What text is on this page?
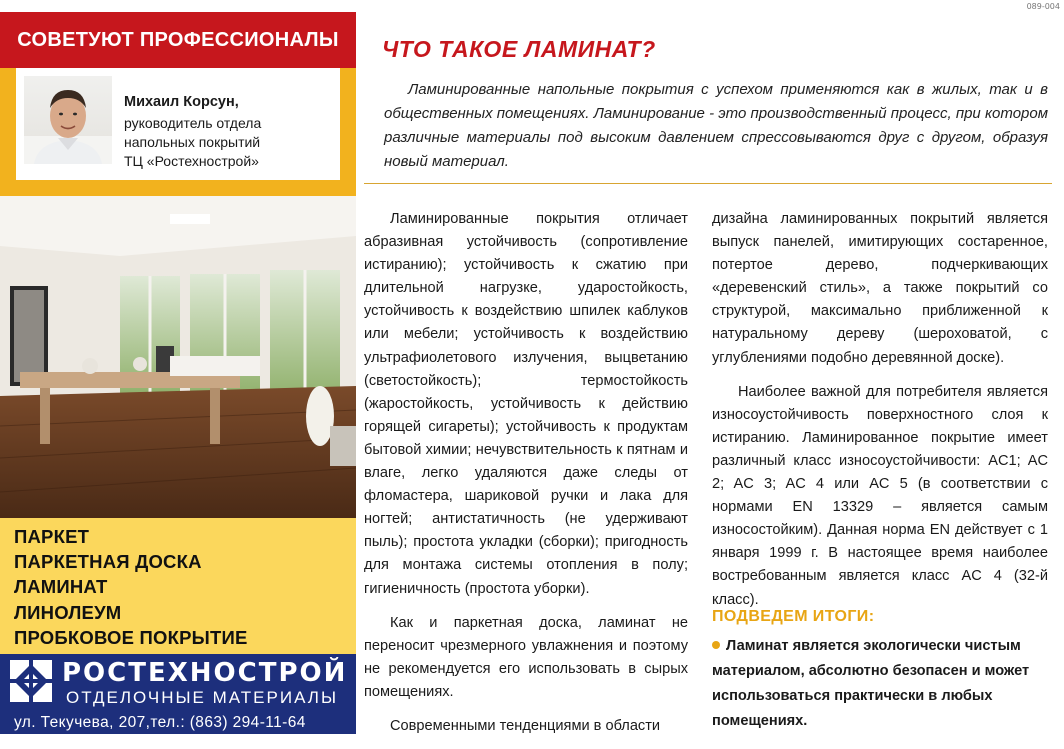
089-004
СОВЕТУЮТ ПРОФЕССИОНАЛЫ
Михаил Корсун,
руководитель отдела
напольных покрытий
ТЦ «Ростехнострой»
ПАРКЕТ
ПАРКЕТНАЯ ДОСКА
ЛАМИНАТ
ЛИНОЛЕУМ
ПРОБКОВОЕ ПОКРЫТИЕ
РОСТЕХНОСТРОЙ
ОТДЕЛОЧНЫЕ МАТЕРИАЛЫ
ул. Текучева, 207,тел.: (863) 294-11-64
ЧТО ТАКОЕ ЛАМИНАТ?
Ламинированные напольные покрытия с успехом применяются как в жилых, так и в общественных помещениях. Ламинирование - это производственный процесс, при котором различные материалы под высоким давлением спрессовываются друг с другом, образуя новый материал.

Ламинированные покрытия отличает абразивная устойчивость (сопротивление истиранию); устойчивость к сжатию при длительной нагрузке, ударостойкость, устойчивость к воздействию шпилек каблуков или мебели; устойчивость к воздействию ультрафиолетового излучения, выцветанию (светостойкость); термостойкость (жаростойкость, устойчивость к действию горящей сигареты); устойчивость к продуктам бытовой химии; нечувствительность к пятнам и влаге, легко удаляются даже следы от фломастера, шариковой ручки и лака для ногтей; антистатичность (не удерживают пыль); простота укладки (сборки); пригодность для монтажа системы отопления в полу; гигиеничность (простота уборки).

Как и паркетная доска, ламинат не переносит чрезмерного увлажнения и поэтому не рекомендуется его использовать в сырых помещениях.

Современными тенденциями в области

дизайна ламинированных покрытий является выпуск панелей, имитирующих состаренное, потертое дерево, подчеркивающих «деревенский стиль», а также покрытий со структурой, максимально приближенной к натуральному дереву (шероховатой, с углублениями подобно деревянной доске).

Наиболее важной для потребителя является износоустойчивость поверхностного слоя к истиранию. Ламинированное покрытие имеет различный класс износоустойчивости: AC1; AC 2; AC 3; AC 4 или AC 5 (в соответствии с нормами EN 13329 – является самым износостойким). Данная норма EN действует с 1 января 1999 г. В настоящее время наиболее востребованным является класс AC 4 (32-й класс).

ПОДВЕДЕМ ИТОГИ:
Ламинат является экологически чистым материалом, абсолютно безопасен и может использоваться практически в любых помещениях.
